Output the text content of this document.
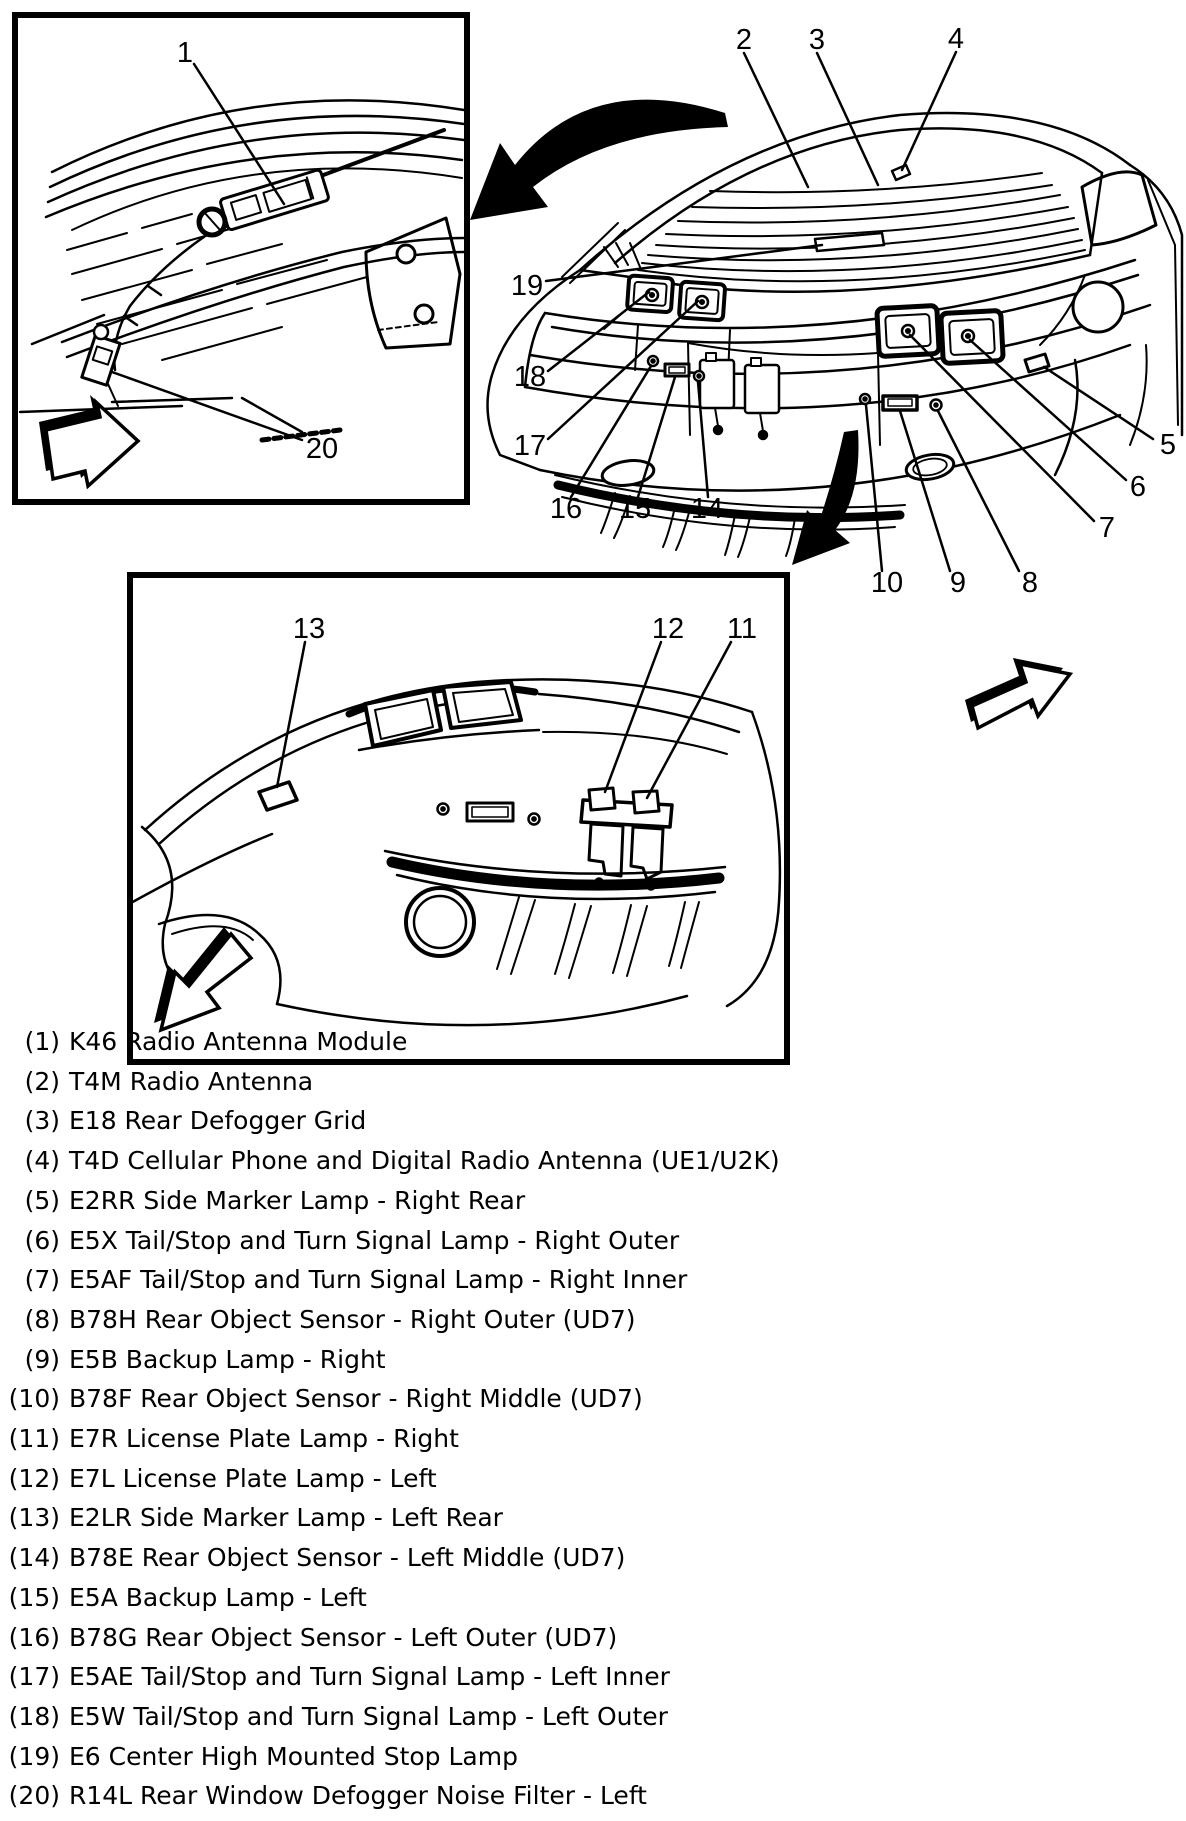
1
20
2 3	4
19
18
17
16 15 14
5
6
7
10 9 8
13	12 11
(1) K46 Radio Antenna Module
(2) T4M Radio Antenna
(3) E18 Rear Defogger Grid
(4) T4D Cellular Phone and Digital Radio Antenna (UE1/U2K)
(5) E2RR Side Marker Lamp - Right Rear
(6) E5X Tail/Stop and Turn Signal Lamp - Right Outer
(7) E5AF Tail/Stop and Turn Signal Lamp - Right Inner
(8) B78H Rear Object Sensor - Right Outer (UD7)
(9) E5B Backup Lamp - Right
(10) B78F Rear Object Sensor - Right Middle (UD7)
(11) E7R License Plate Lamp - Right
(12) E7L License Plate Lamp - Left
(13) E2LR Side Marker Lamp - Left Rear
(14) B78E Rear Object Sensor - Left Middle (UD7)
(15) E5A Backup Lamp - Left
(16) B78G Rear Object Sensor - Left Outer (UD7)
(17) E5AE Tail/Stop and Turn Signal Lamp - Left Inner
(18) E5W Tail/Stop and Turn Signal Lamp - Left Outer
(19) E6 Center High Mounted Stop Lamp
(20) R14L Rear Window Defogger Noise Filter - Left
